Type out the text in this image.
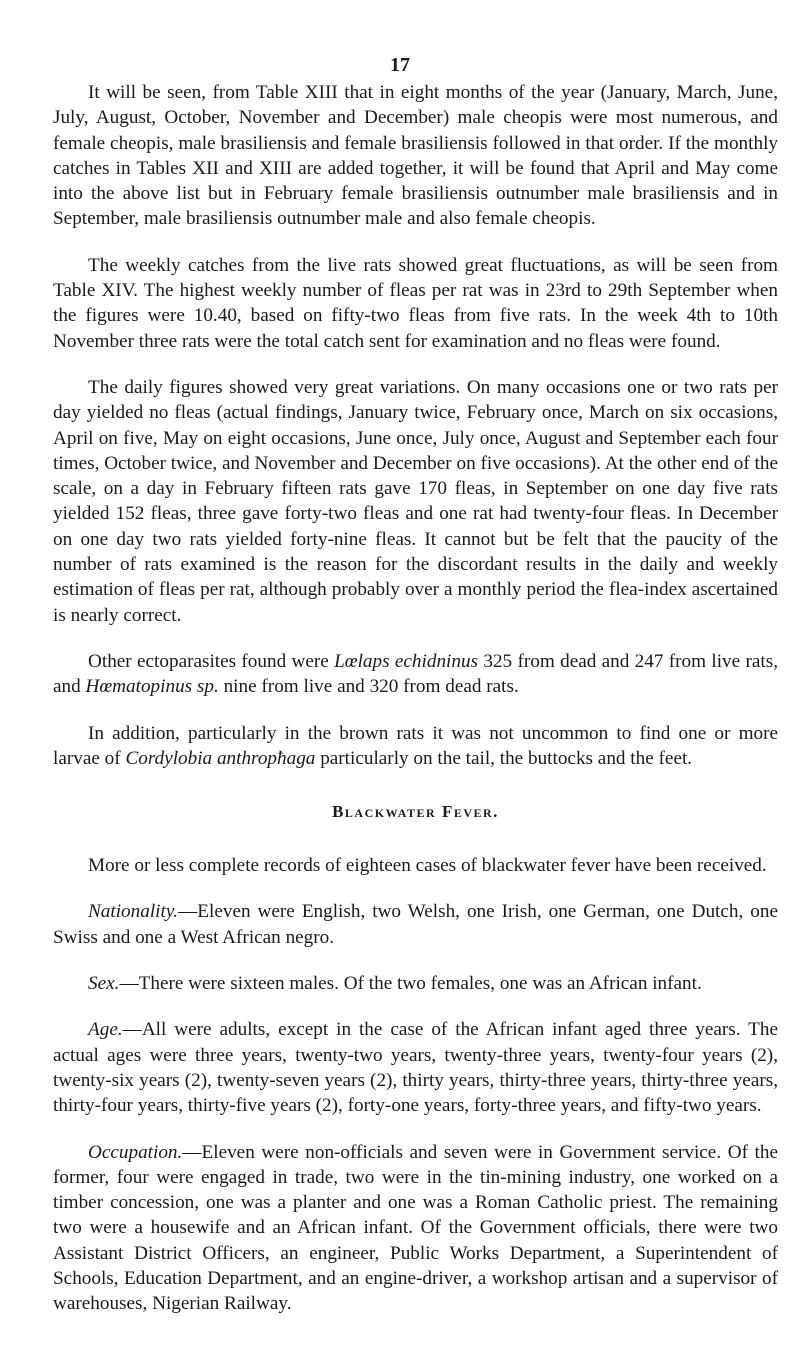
17

It will be seen, from Table XIII that in eight months of the year (January, March, June, July, August, October, November and December) male cheopis were most numerous, and female cheopis, male brasiliensis and female brasiliensis followed in that order. If the monthly catches in Tables XII and XIII are added together, it will be found that April and May come into the above list but in February female brasiliensis outnumber male brasiliensis and in September, male brasiliensis outnumber male and also female cheopis.

The weekly catches from the live rats showed great fluctuations, as will be seen from Table XIV. The highest weekly number of fleas per rat was in 23rd to 29th September when the figures were 10.40, based on fifty-two fleas from five rats. In the week 4th to 10th November three rats were the total catch sent for examination and no fleas were found.

The daily figures showed very great variations. On many occasions one or two rats per day yielded no fleas (actual findings, January twice, February once, March on six occasions, April on five, May on eight occasions, June once, July once, August and September each four times, October twice, and November and December on five occasions). At the other end of the scale, on a day in February fifteen rats gave 170 fleas, in September on one day five rats yielded 152 fleas, three gave forty-two fleas and one rat had twenty-four fleas. In December on one day two rats yielded forty-nine fleas. It cannot but be felt that the paucity of the number of rats examined is the reason for the discordant results in the daily and weekly estimation of fleas per rat, although probably over a monthly period the flea-index ascertained is nearly correct.

Other ectoparasites found were Lœlaps echidninus 325 from dead and 247 from live rats, and Hœmatopinus sp. nine from live and 320 from dead rats.

In addition, particularly in the brown rats it was not uncommon to find one or more larvae of Cordylobia anthropħaga particularly on the tail, the buttocks and the feet.

Blackwater Fever.

More or less complete records of eighteen cases of blackwater fever have been received.

Nationality.—Eleven were English, two Welsh, one Irish, one German, one Dutch, one Swiss and one a West African negro.

Sex.—There were sixteen males. Of the two females, one was an African infant.

Age.—All were adults, except in the case of the African infant aged three years. The actual ages were three years, twenty-two years, twenty-three years, twenty-four years (2), twenty-six years (2), twenty-seven years (2), thirty years, thirty-three years, thirty-three years, thirty-four years, thirty-five years (2), forty-one years, forty-three years, and fifty-two years.

Occupation.—Eleven were non-officials and seven were in Government service. Of the former, four were engaged in trade, two were in the tin-mining industry, one worked on a timber concession, one was a planter and one was a Roman Catholic priest. The remaining two were a housewife and an African infant. Of the Government officials, there were two Assistant District Officers, an engineer, Public Works Department, a Superintendent of Schools, Education Department, and an engine-driver, a workshop artisan and a supervisor of warehouses, Nigerian Railway.
